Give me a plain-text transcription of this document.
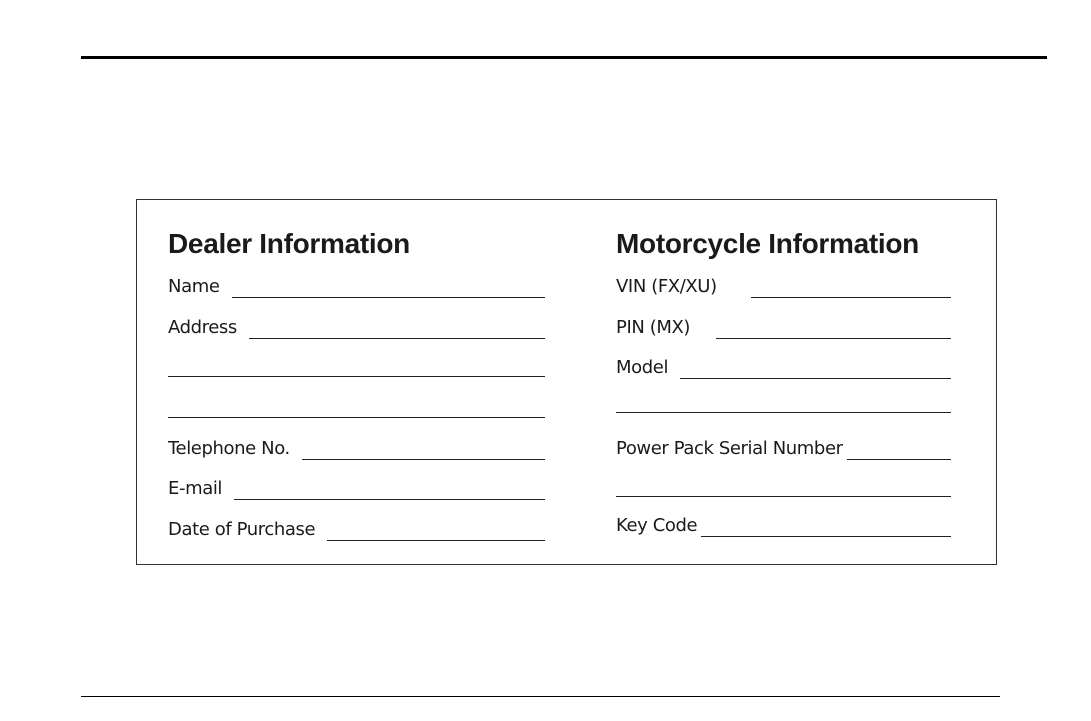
Dealer Information
Name
Address
Telephone No.
E-mail
Date of Purchase
Motorcycle Information
VIN (FX/XU)
PIN (MX)
Model
Power Pack Serial Number
Key Code
